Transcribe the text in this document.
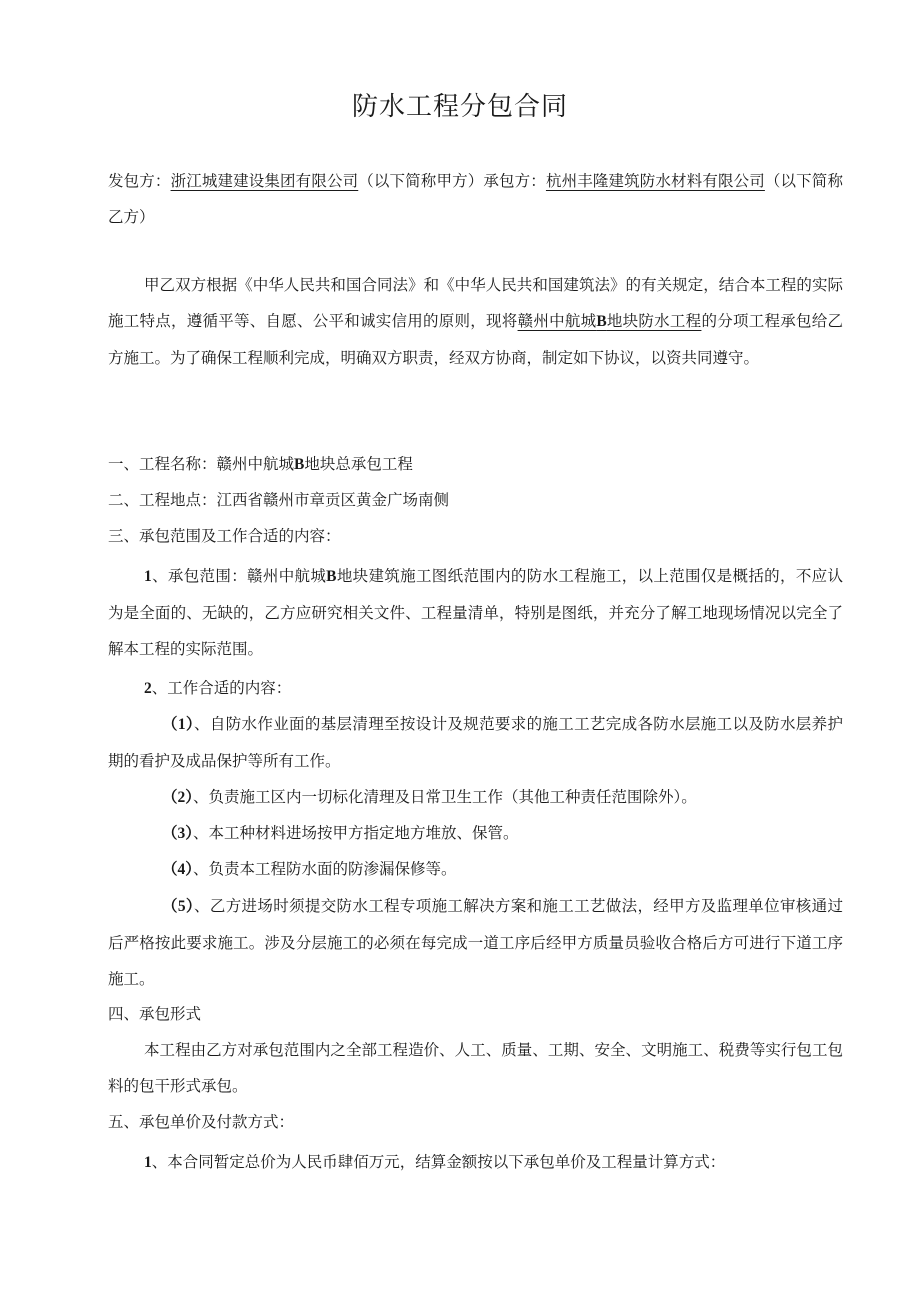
防水工程分包合同
发包方：浙江城建建设集团有限公司（以下简称甲方）承包方：杭州丰隆建筑防水材料有限公司（以下简称乙方）
甲乙双方根据《中华人民共和国合同法》和《中华人民共和国建筑法》的有关规定，结合本工程的实际施工特点，遵循平等、自愿、公平和诚实信用的原则，现将赣州中航城B地块防水工程的分项工程承包给乙方施工。为了确保工程顺利完成，明确双方职责，经双方协商，制定如下协议，以资共同遵守。
一、工程名称：赣州中航城B地块总承包工程
二、工程地点：江西省赣州市章贡区黄金广场南侧
三、承包范围及工作合适的内容：
1、承包范围：赣州中航城B地块建筑施工图纸范围内的防水工程施工，以上范围仅是概括的，不应认为是全面的、无缺的，乙方应研究相关文件、工程量清单，特别是图纸，并充分了解工地现场情况以完全了解本工程的实际范围。
2、工作合适的内容：
（1）、自防水作业面的基层清理至按设计及规范要求的施工工艺完成各防水层施工以及防水层养护期的看护及成品保护等所有工作。
（2）、负责施工区内一切标化清理及日常卫生工作（其他工种责任范围除外）。
（3）、本工种材料进场按甲方指定地方堆放、保管。
（4）、负责本工程防水面的防渗漏保修等。
（5）、乙方进场时须提交防水工程专项施工解决方案和施工工艺做法，经甲方及监理单位审核通过后严格按此要求施工。涉及分层施工的必须在每完成一道工序后经甲方质量员验收合格后方可进行下道工序施工。
四、承包形式
本工程由乙方对承包范围内之全部工程造价、人工、质量、工期、安全、文明施工、税费等实行包工包料的包干形式承包。
五、承包单价及付款方式：
1、本合同暂定总价为人民币肆佰万元，结算金额按以下承包单价及工程量计算方式：
